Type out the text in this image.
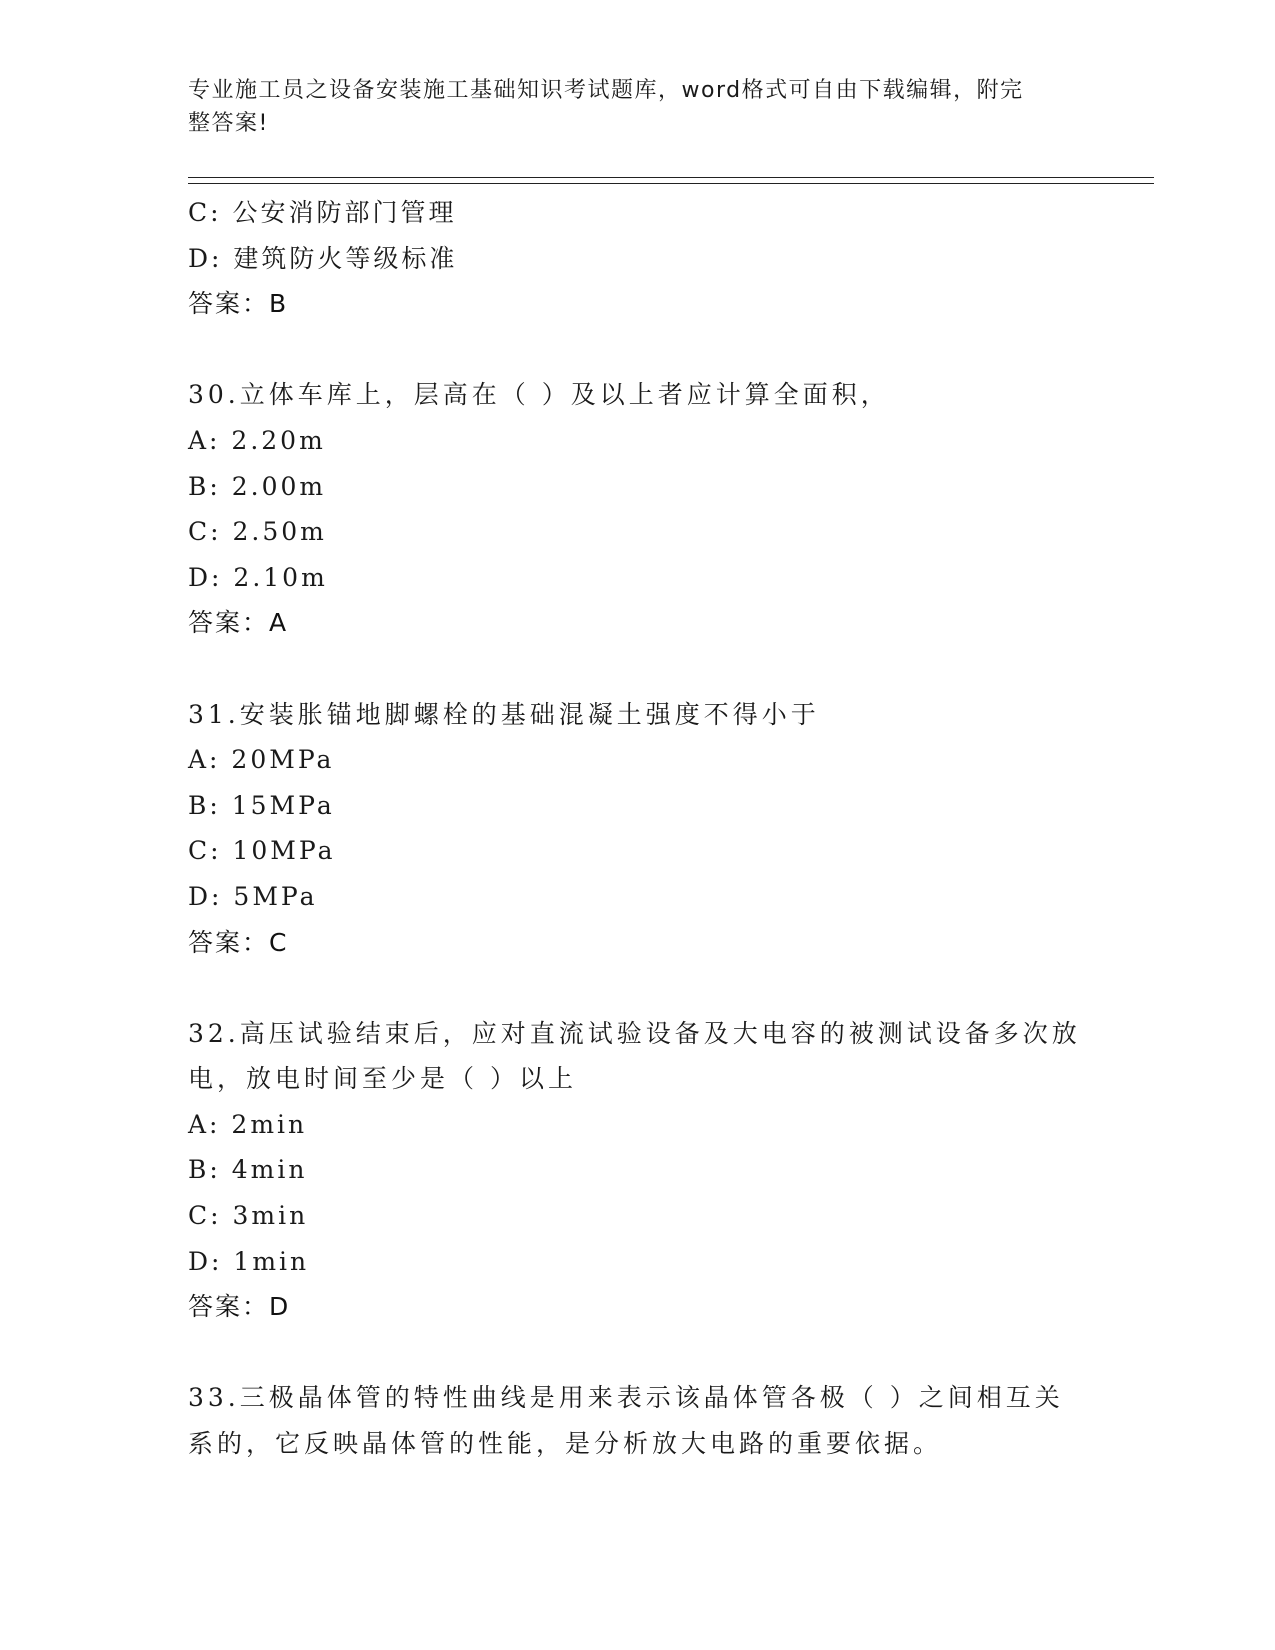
专业施工员之设备安装施工基础知识考试题库，word格式可自由下载编辑，附完
整答案!
C: 公安消防部门管理
D: 建筑防火等级标准
答案：B
30.立体车库上，层高在（ ）及以上者应计算全面积，
A: 2.20m
B: 2.00m
C: 2.50m
D: 2.10m
答案：A
31.安装胀锚地脚螺栓的基础混凝土强度不得小于
A: 20MPa
B: 15MPa
C: 10MPa
D: 5MPa
答案：C
32.高压试验结束后，应对直流试验设备及大电容的被测试设备多次放
电，放电时间至少是（ ）以上
A: 2min
B: 4min
C: 3min
D: 1min
答案：D
33.三极晶体管的特性曲线是用来表示该晶体管各极（ ）之间相互关
系的，它反映晶体管的性能，是分析放大电路的重要依据。
